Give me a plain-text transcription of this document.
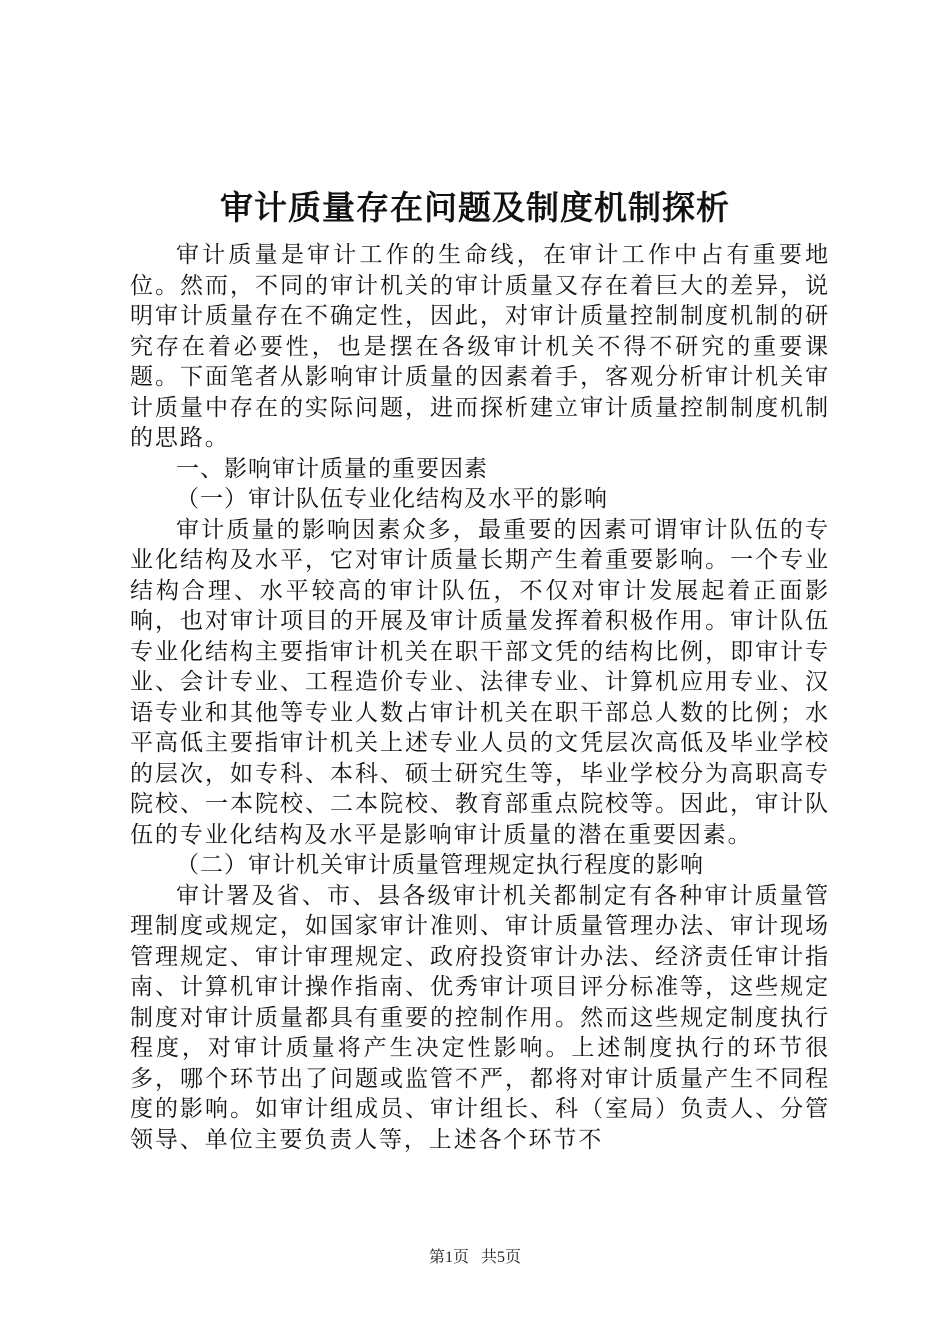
审计质量存在问题及制度机制探析

审计质量是审计工作的生命线，在审计工作中占有重要地位。然而，不同的审计机关的审计质量又存在着巨大的差异，说明审计质量存在不确定性，因此，对审计质量控制制度机制的研究存在着必要性，也是摆在各级审计机关不得不研究的重要课题。下面笔者从影响审计质量的因素着手，客观分析审计机关审计质量中存在的实际问题，进而探析建立审计质量控制制度机制的思路。

一、影响审计质量的重要因素

（一）审计队伍专业化结构及水平的影响

审计质量的影响因素众多，最重要的因素可谓审计队伍的专业化结构及水平，它对审计质量长期产生着重要影响。一个专业结构合理、水平较高的审计队伍，不仅对审计发展起着正面影响，也对审计项目的开展及审计质量发挥着积极作用。审计队伍专业化结构主要指审计机关在职干部文凭的结构比例，即审计专业、会计专业、工程造价专业、法律专业、计算机应用专业、汉语专业和其他等专业人数占审计机关在职干部总人数的比例；水平高低主要指审计机关上述专业人员的文凭层次高低及毕业学校的层次，如专科、本科、硕士研究生等，毕业学校分为高职高专院校、一本院校、二本院校、教育部重点院校等。因此，审计队伍的专业化结构及水平是影响审计质量的潜在重要因素。

（二）审计机关审计质量管理规定执行程度的影响

审计署及省、市、县各级审计机关都制定有各种审计质量管理制度或规定，如国家审计准则、审计质量管理办法、审计现场管理规定、审计审理规定、政府投资审计办法、经济责任审计指南、计算机审计操作指南、优秀审计项目评分标准等，这些规定制度对审计质量都具有重要的控制作用。然而这些规定制度执行程度，对审计质量将产生决定性影响。上述制度执行的环节很多，哪个环节出了问题或监管不严，都将对审计质量产生不同程度的影响。如审计组成员、审计组长、科（室局）负责人、分管领导、单位主要负责人等，上述各个环节不

第1页 共5页
